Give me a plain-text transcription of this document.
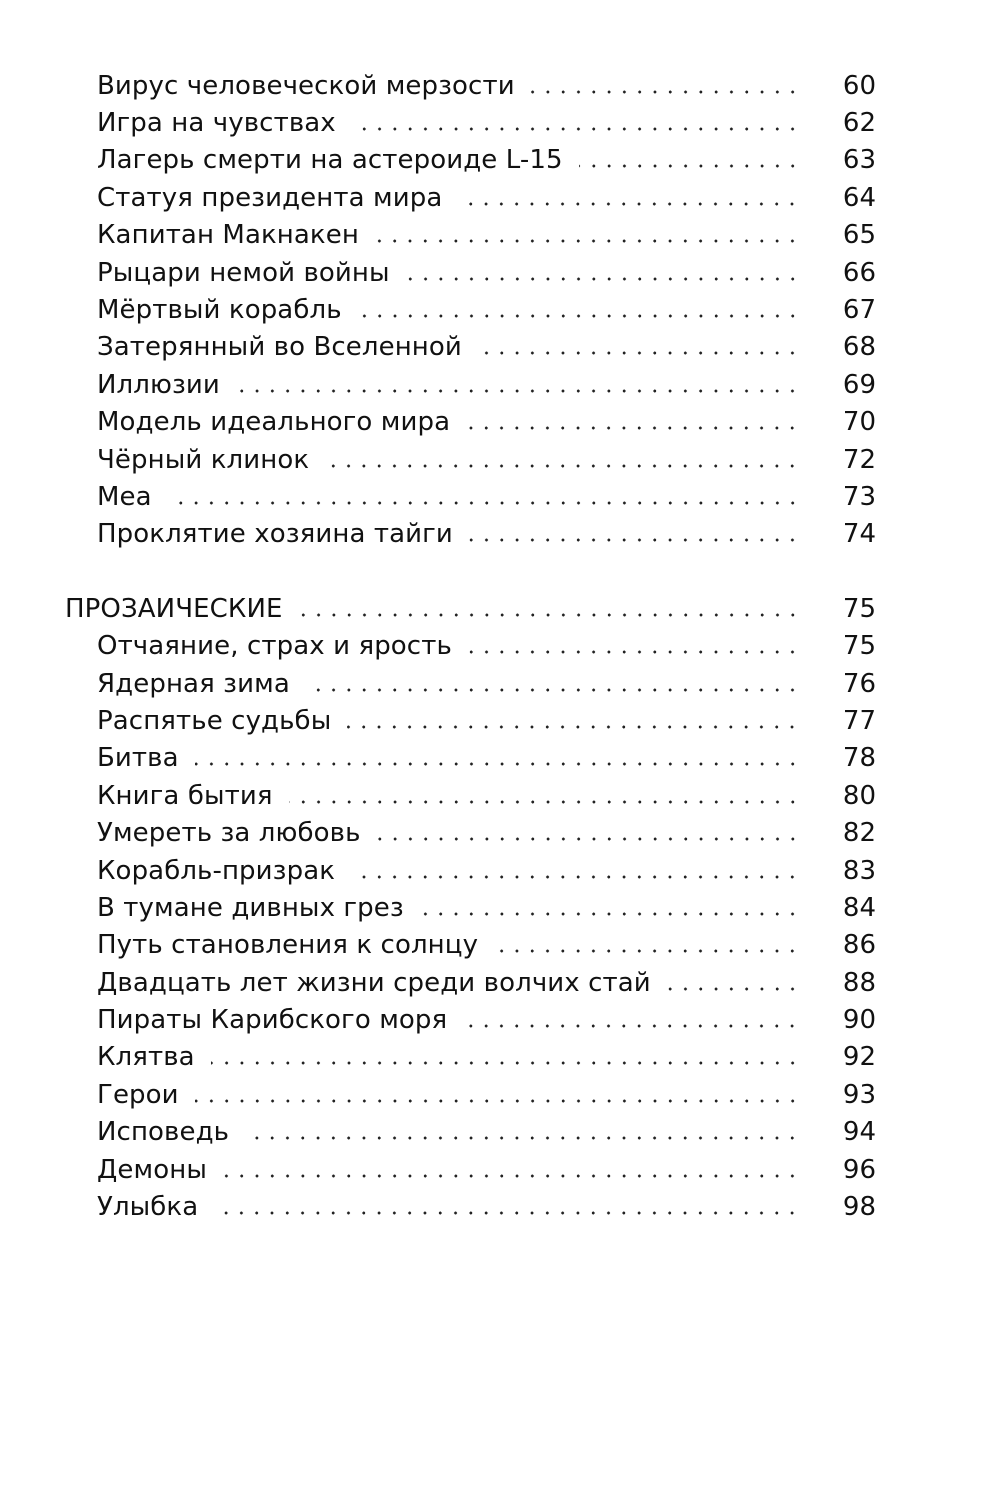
Вирус человеческой мерзости	60
Игра на чувствах	62
Лагерь смерти на астероиде L-15	63
Статуя президента мира	64
Капитан Макнакен	65
Рыцари немой войны	66
Мёртвый корабль	67
Затерянный во Вселенной	68
Иллюзии	69
Модель идеального мира	70
Чёрный клинок	72
Меа	73
Проклятие хозяина тайги	74
ПРОЗАИЧЕСКИЕ	75
Отчаяние, страх и ярость	75
Ядерная зима	76
Распятье судьбы	77
Битва	78
Книга бытия	80
Умереть за любовь	82
Корабль-призрак	83
В тумане дивных грез	84
Путь становления к солнцу	86
Двадцать лет жизни среди волчих стай	88
Пираты Карибского моря	90
Клятва	92
Герои	93
Исповедь	94
Демоны	96
Улыбка	98
